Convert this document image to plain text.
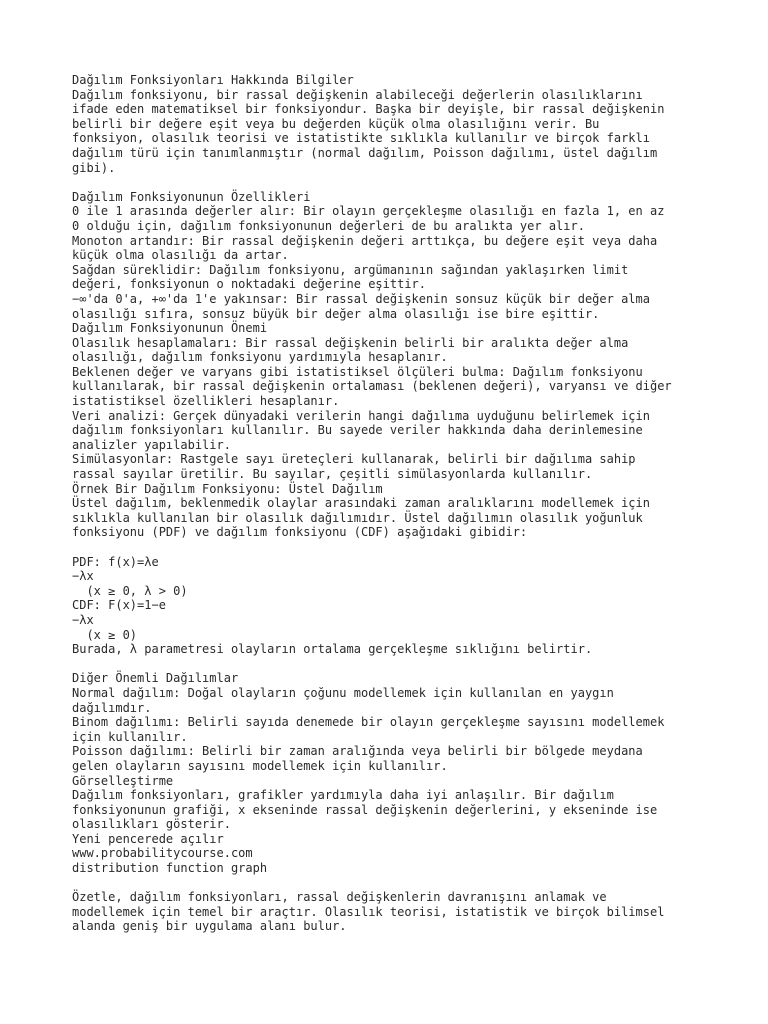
Dağılım Fonksiyonları Hakkında Bilgiler
Dağılım fonksiyonu, bir rassal değişkenin alabileceği değerlerin olasılıklarını
ifade eden matematiksel bir fonksiyondur. Başka bir deyişle, bir rassal değişkenin
belirli bir değere eşit veya bu değerden küçük olma olasılığını verir. Bu
fonksiyon, olasılık teorisi ve istatistikte sıklıkla kullanılır ve birçok farklı
dağılım türü için tanımlanmıştır (normal dağılım, Poisson dağılımı, üstel dağılım
gibi).
Dağılım Fonksiyonunun Özellikleri
0 ile 1 arasında değerler alır: Bir olayın gerçekleşme olasılığı en fazla 1, en az
0 olduğu için, dağılım fonksiyonunun değerleri de bu aralıkta yer alır.
Monoton artandır: Bir rassal değişkenin değeri arttıkça, bu değere eşit veya daha
küçük olma olasılığı da artar.
Sağdan süreklidir: Dağılım fonksiyonu, argümanının sağından yaklaşırken limit
değeri, fonksiyonun o noktadaki değerine eşittir.
−∞'da 0'a, +∞'da 1'e yakınsar: Bir rassal değişkenin sonsuz küçük bir değer alma
olasılığı sıfıra, sonsuz büyük bir değer alma olasılığı ise bire eşittir.
Dağılım Fonksiyonunun Önemi
Olasılık hesaplamaları: Bir rassal değişkenin belirli bir aralıkta değer alma
olasılığı, dağılım fonksiyonu yardımıyla hesaplanır.
Beklenen değer ve varyans gibi istatistiksel ölçüleri bulma: Dağılım fonksiyonu
kullanılarak, bir rassal değişkenin ortalaması (beklenen değeri), varyansı ve diğer
istatistiksel özellikleri hesaplanır.
Veri analizi: Gerçek dünyadaki verilerin hangi dağılıma uyduğunu belirlemek için
dağılım fonksiyonları kullanılır. Bu sayede veriler hakkında daha derinlemesine
analizler yapılabilir.
Simülasyonlar: Rastgele sayı üreteçleri kullanarak, belirli bir dağılıma sahip
rassal sayılar üretilir. Bu sayılar, çeşitli simülasyonlarda kullanılır.
Örnek Bir Dağılım Fonksiyonu: Üstel Dağılım
Üstel dağılım, beklenmedik olaylar arasındaki zaman aralıklarını modellemek için
sıklıkla kullanılan bir olasılık dağılımıdır. Üstel dağılımın olasılık yoğunluk
fonksiyonu (PDF) ve dağılım fonksiyonu (CDF) aşağıdaki gibidir:
PDF: f(x)=λe
−λx
(x ≥ 0, λ > 0)
CDF: F(x)=1−e
−λx
(x ≥ 0)
Burada, λ parametresi olayların ortalama gerçekleşme sıklığını belirtir.
Diğer Önemli Dağılımlar
Normal dağılım: Doğal olayların çoğunu modellemek için kullanılan en yaygın
dağılımdır.
Binom dağılımı: Belirli sayıda denemede bir olayın gerçekleşme sayısını modellemek
için kullanılır.
Poisson dağılımı: Belirli bir zaman aralığında veya belirli bir bölgede meydana
gelen olayların sayısını modellemek için kullanılır.
Görselleştirme
Dağılım fonksiyonları, grafikler yardımıyla daha iyi anlaşılır. Bir dağılım
fonksiyonunun grafiği, x ekseninde rassal değişkenin değerlerini, y ekseninde ise
olasılıkları gösterir.
Yeni pencerede açılır
www.probabilitycourse.com
distribution function graph
Özetle, dağılım fonksiyonları, rassal değişkenlerin davranışını anlamak ve
modellemek için temel bir araçtır. Olasılık teorisi, istatistik ve birçok bilimsel
alanda geniş bir uygulama alanı bulur.
